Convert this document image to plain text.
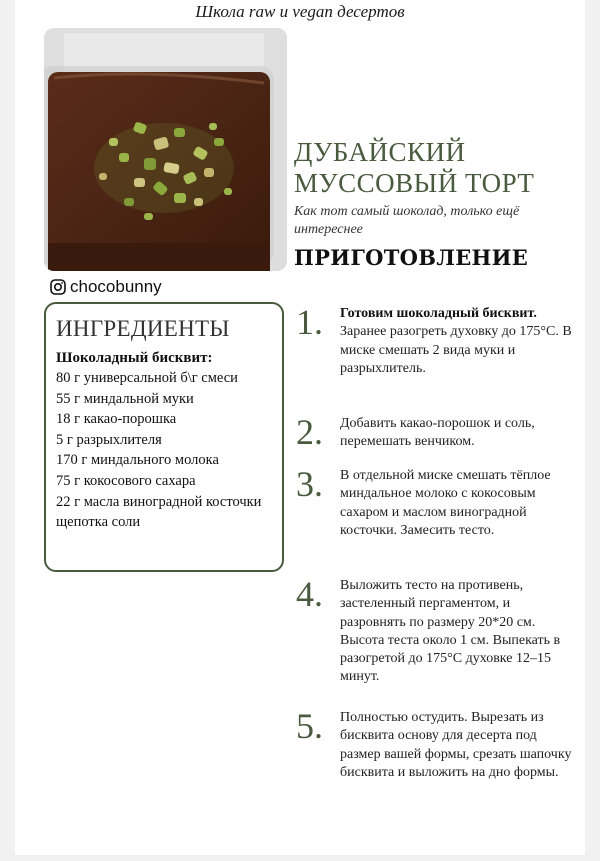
Школа raw и vegan десертов
chocobunny
ДУБАЙСКИЙ
МУССОВЫЙ ТОРТ
Как тот самый шоколад, только ещё интереснее
ПРИГОТОВЛЕНИЕ
ИНГРЕДИЕНТЫ
Шоколадный бисквит:
80 г универсальной б\г смеси
55 г миндальной муки
18 г какао-порошка
5 г разрыхлителя
170 г миндального молока
75 г кокосового сахара
22 г масла виноградной косточки
щепотка соли
1.	Готовим шоколадный бисквит. Заранее разогреть духовку до 175°С. В миске смешать 2 вида муки и разрыхлитель.
2.	Добавить какао-порошок и соль, перемешать венчиком.
3.	В отдельной миске смешать тёплое миндальное молоко с кокосовым сахаром и маслом виноградной косточки. Замесить тесто.
4.	Выложить тесто на противень, застеленный пергаментом, и разровнять по размеру 20*20 см. Высота теста около 1 см. Выпекать в разогретой до 175°С духовке 12–15 минут.
5.	Полностью остудить. Вырезать из бисквита основу для десерта под размер вашей формы, срезать шапочку бисквита и выложить на дно формы.
